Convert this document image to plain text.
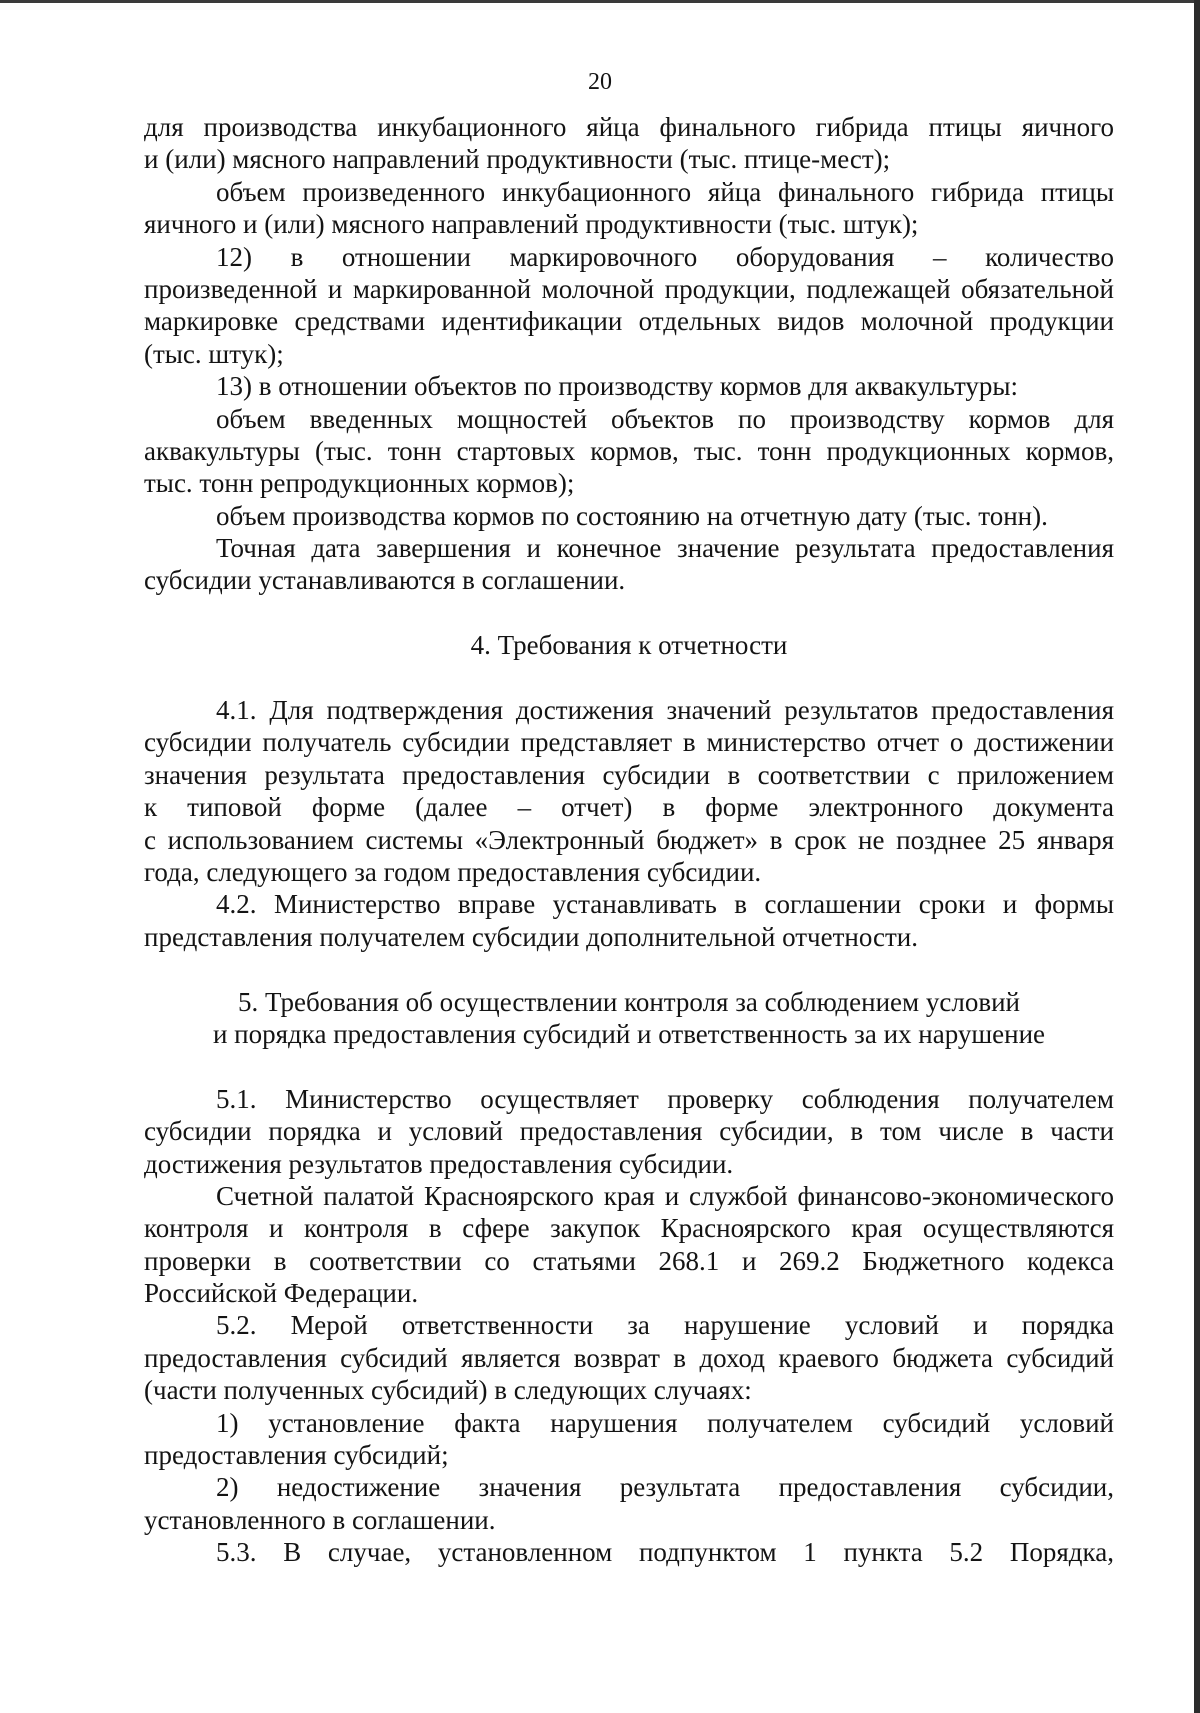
20
для производства инкубационного яйца финального гибрида птицы яичного
и (или) мясного направлений продуктивности (тыс. птице-мест);
объем произведенного инкубационного яйца финального гибрида птицы
яичного и (или) мясного направлений продуктивности (тыс. штук);
12) в отношении маркировочного оборудования – количество
произведенной и маркированной молочной продукции, подлежащей обязательной
маркировке средствами идентификации отдельных видов молочной продукции
(тыс. штук);
13) в отношении объектов по производству кормов для аквакультуры:
объем введенных мощностей объектов по производству кормов для
аквакультуры (тыс. тонн стартовых кормов, тыс. тонн продукционных кормов,
тыс. тонн репродукционных кормов);
объем производства кормов по состоянию на отчетную дату (тыс. тонн).
Точная дата завершения и конечное значение результата предоставления
субсидии устанавливаются в соглашении.
4. Требования к отчетности
4.1. Для подтверждения достижения значений результатов предоставления
субсидии получатель субсидии представляет в министерство отчет о достижении
значения результата предоставления субсидии в соответствии с приложением
к типовой форме (далее – отчет) в форме электронного документа
с использованием системы «Электронный бюджет» в срок не позднее 25 января
года, следующего за годом предоставления субсидии.
4.2. Министерство вправе устанавливать в соглашении сроки и формы
представления получателем субсидии дополнительной отчетности.
5. Требования об осуществлении контроля за соблюдением условий
и порядка предоставления субсидий и ответственность за их нарушение
5.1. Министерство осуществляет проверку соблюдения получателем
субсидии порядка и условий предоставления субсидии, в том числе в части
достижения результатов предоставления субсидии.
Счетной палатой Красноярского края и службой финансово-экономического
контроля и контроля в сфере закупок Красноярского края осуществляются
проверки в соответствии со статьями 268.1 и 269.2 Бюджетного кодекса
Российской Федерации.
5.2. Мерой ответственности за нарушение условий и порядка
предоставления субсидий является возврат в доход краевого бюджета субсидий
(части полученных субсидий) в следующих случаях:
1) установление факта нарушения получателем субсидий условий
предоставления субсидий;
2) недостижение значения результата предоставления субсидии,
установленного в соглашении.
5.3. В случае, установленном подпунктом 1 пункта 5.2 Порядка,
